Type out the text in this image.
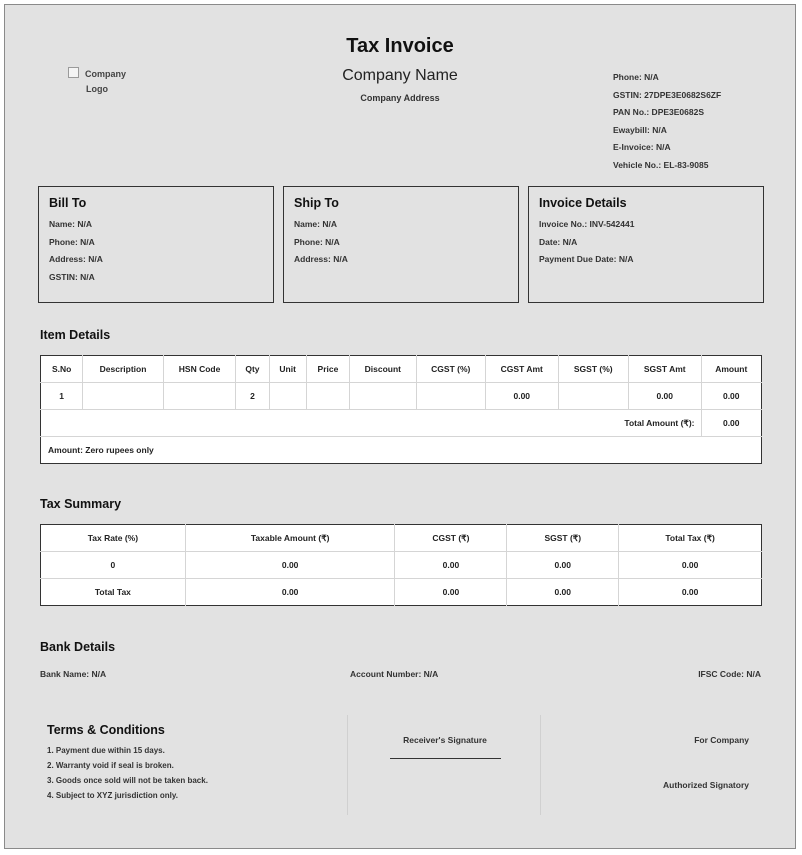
Company Logo
Tax Invoice
Company Name
Company Address
Phone: N/A
GSTIN: 27DPE3E0682S6ZF
PAN No.: DPE3E0682S
Ewaybill: N/A
E-Invoice: N/A
Vehicle No.: EL-83-9085
Bill To
Name: N/A
Phone: N/A
Address: N/A
GSTIN: N/A
Ship To
Name: N/A
Phone: N/A
Address: N/A
Invoice Details
Invoice No.: INV-542441
Date: N/A
Payment Due Date: N/A
Item Details
S.No	Description	HSN Code	Qty	Unit	Price	Discount	CGST (%)	CGST Amt	SGST (%)	SGST Amt	Amount
1			2					0.00		0.00	0.00
Total Amount (₹):											0.00
Amount: Zero rupees only											
Tax Summary
Tax Rate (%)	Taxable Amount (₹)	CGST (₹)	SGST (₹)	Total Tax (₹)
0	0.00	0.00	0.00	0.00
Total Tax	0.00	0.00	0.00	0.00
Bank Details
Bank Name: N/A	Account Number: N/A	IFSC Code: N/A
Terms & Conditions
1. Payment due within 15 days.
2. Warranty void if seal is broken.
3. Goods once sold will not be taken back.
4. Subject to XYZ jurisdiction only.
Receiver's Signature	For Company
Authorized Signatory
